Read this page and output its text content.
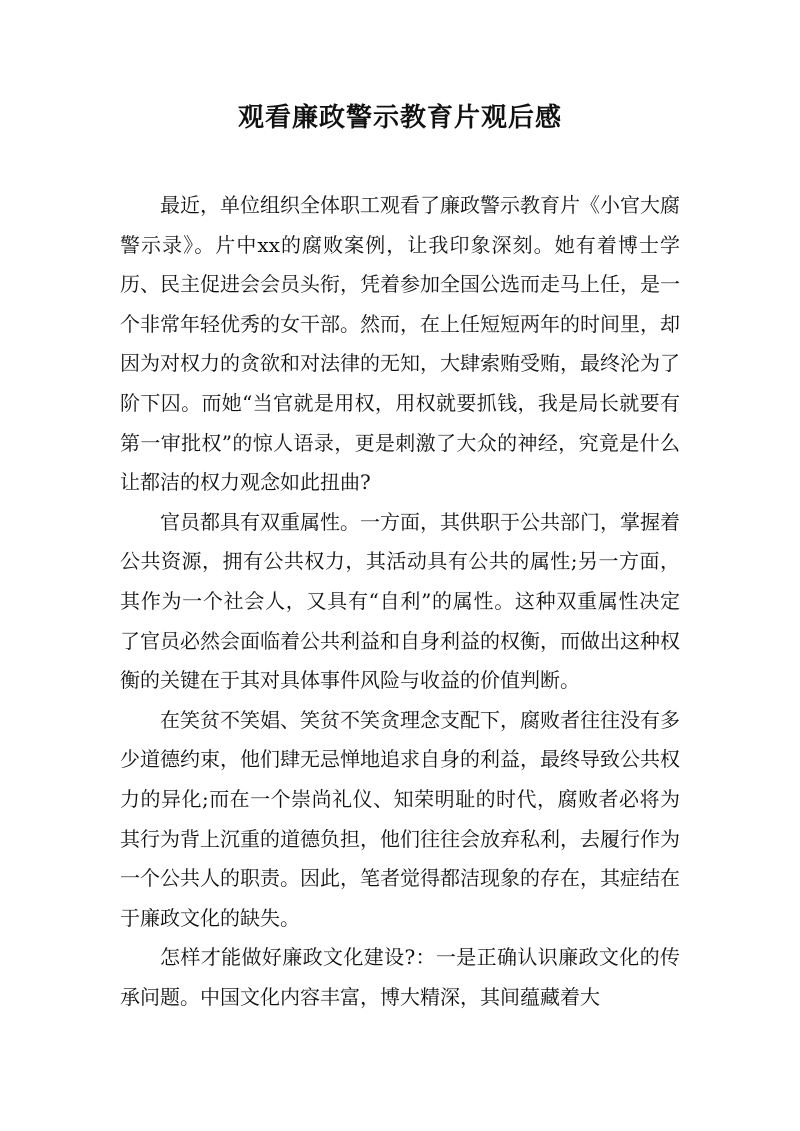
观看廉政警示教育片观后感

最近，单位组织全体职工观看了廉政警示教育片《小官大腐警示录》。片中xx的腐败案例，让我印象深刻。她有着博士学历、民主促进会会员头衔，凭着参加全国公选而走马上任，是一个非常年轻优秀的女干部。然而，在上任短短两年的时间里，却因为对权力的贪欲和对法律的无知，大肆索贿受贿，最终沦为了阶下囚。而她“当官就是用权，用权就要抓钱，我是局长就要有第一审批权”的惊人语录，更是刺激了大众的神经，究竟是什么让都洁的权力观念如此扭曲?

官员都具有双重属性。一方面，其供职于公共部门，掌握着公共资源，拥有公共权力，其活动具有公共的属性;另一方面，其作为一个社会人，又具有“自利”的属性。这种双重属性决定了官员必然会面临着公共利益和自身利益的权衡，而做出这种权衡的关键在于其对具体事件风险与收益的价值判断。

在笑贫不笑娼、笑贫不笑贪理念支配下，腐败者往往没有多少道德约束，他们肆无忌惮地追求自身的利益，最终导致公共权力的异化;而在一个崇尚礼仪、知荣明耻的时代，腐败者必将为其行为背上沉重的道德负担，他们往往会放弃私利，去履行作为一个公共人的职责。因此，笔者觉得都洁现象的存在，其症结在于廉政文化的缺失。

怎样才能做好廉政文化建设?：一是正确认识廉政文化的传承问题。中国文化内容丰富，博大精深，其间蕴藏着大
